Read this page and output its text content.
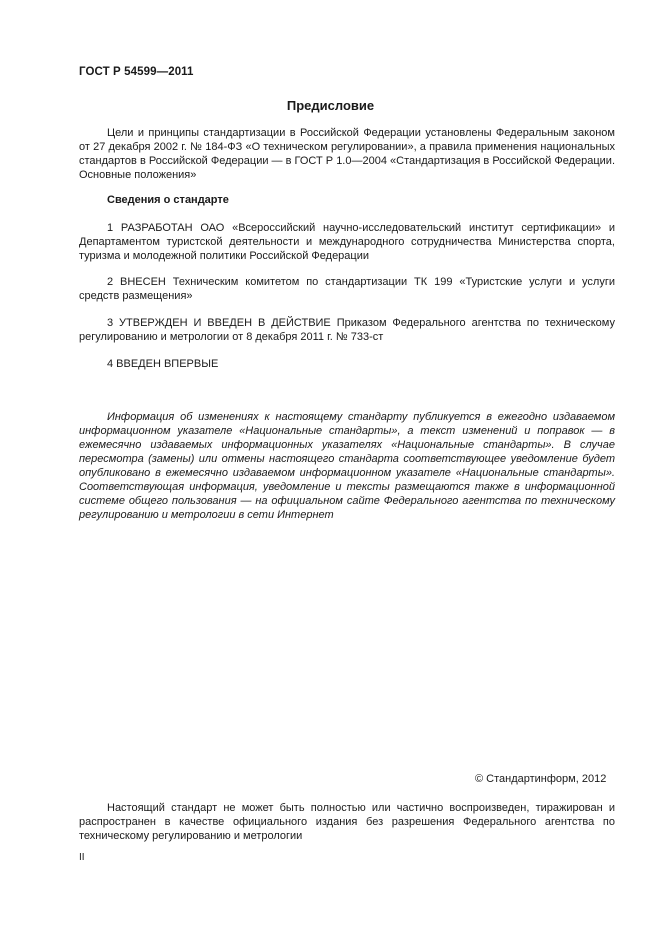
ГОСТ Р 54599—2011
Предисловие

Цели и принципы стандартизации в Российской Федерации установлены Федеральным законом от 27 декабря 2002 г. № 184-ФЗ «О техническом регулировании», а правила применения национальных стандартов в Российской Федерации — в ГОСТ Р 1.0—2004 «Стандартизация в Российской Федерации. Основные положения»

Сведения о стандарте

1 РАЗРАБОТАН ОАО «Всероссийский научно-исследовательский институт сертификации» и Департаментом туристской деятельности и международного сотрудничества Министерства спорта, туризма и молодежной политики Российской Федерации

2 ВНЕСЕН Техническим комитетом по стандартизации ТК 199 «Туристские услуги и услуги средств размещения»

3 УТВЕРЖДЕН И ВВЕДЕН В ДЕЙСТВИЕ Приказом Федерального агентства по техническому регулированию и метрологии от 8 декабря 2011 г. № 733-ст

4 ВВЕДЕН ВПЕРВЫЕ

Информация об изменениях к настоящему стандарту публикуется в ежегодно издаваемом информационном указателе «Национальные стандарты», а текст изменений и поправок — в ежемесячно издаваемых информационных указателях «Национальные стандарты». В случае пересмотра (замены) или отмены настоящего стандарта соответствующее уведомление будет опубликовано в ежемесячно издаваемом информационном указателе «Национальные стандарты». Соответствующая информация, уведомление и тексты размещаются также в информационной системе общего пользования — на официальном сайте Федерального агентства по техническому регулированию и метрологии в сети Интернет

© Стандартинформ, 2012

Настоящий стандарт не может быть полностью или частично воспроизведен, тиражирован и распространен в качестве официального издания без разрешения Федерального агентства по техническому регулированию и метрологии

II
